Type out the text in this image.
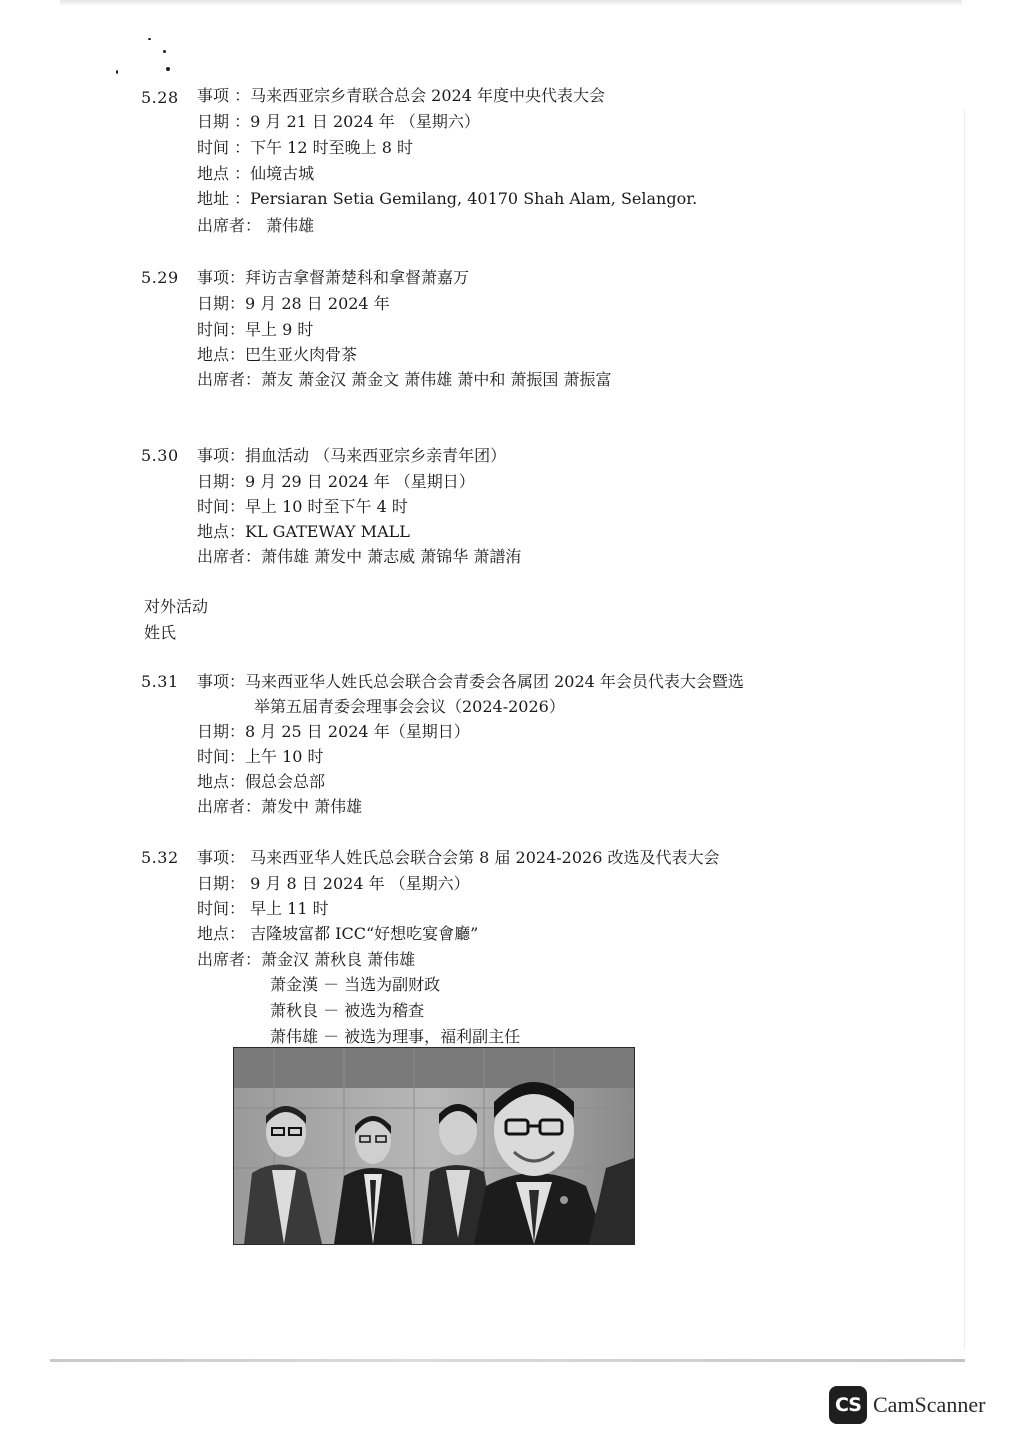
5.28 事项 ：马来西亚宗乡青联合总会 2024 年度中央代表大会
日期 ：9 月 21 日 2024 年 （星期六）
时间 ：下午 12 时至晚上 8 时
地点 ：仙境古城
地址 ：Persiaran Setia Gemilang, 40170 Shah Alam, Selangor.
出席者： 萧伟雄
5.29 事项：拜访吉拿督萧楚科和拿督萧嘉万
日期：9 月 28 日 2024 年
时间：早上 9 时
地点：巴生亚火肉骨茶
出席者：萧友 萧金汉 萧金文 萧伟雄 萧中和 萧振国 萧振富
5.30 事项：捐血活动 （马来西亚宗乡亲青年团）
日期：9 月 29 日 2024 年 （星期日）
时间：早上 10 时至下午 4 时
地点：KL GATEWAY MALL
出席者：萧伟雄 萧发中 萧志威 萧锦华 萧譜洧
对外活动
姓氏
5.31 事项：马来西亚华人姓氏总会联合会青委会各属团 2024 年会员代表大会暨选
举第五届青委会理事会会议（2024-2026）
日期：8 月 25 日 2024 年（星期日）
时间：上午 10 时
地点：假总会总部
出席者：萧发中 萧伟雄
5.32 事项： 马来西亚华人姓氏总会联合会第 8 届 2024-2026 改选及代表大会
日期： 9 月 8 日 2024 年 （星期六）
时间： 早上 11 时
地点： 吉隆坡富都 ICC“好想吃宴會廳”
出席者：萧金汉 萧秋良 萧伟雄
萧金漢 － 当选为副财政
萧秋良 － 被选为稽查
萧伟雄 － 被选为理事，福利副主任
CS CamScanner
